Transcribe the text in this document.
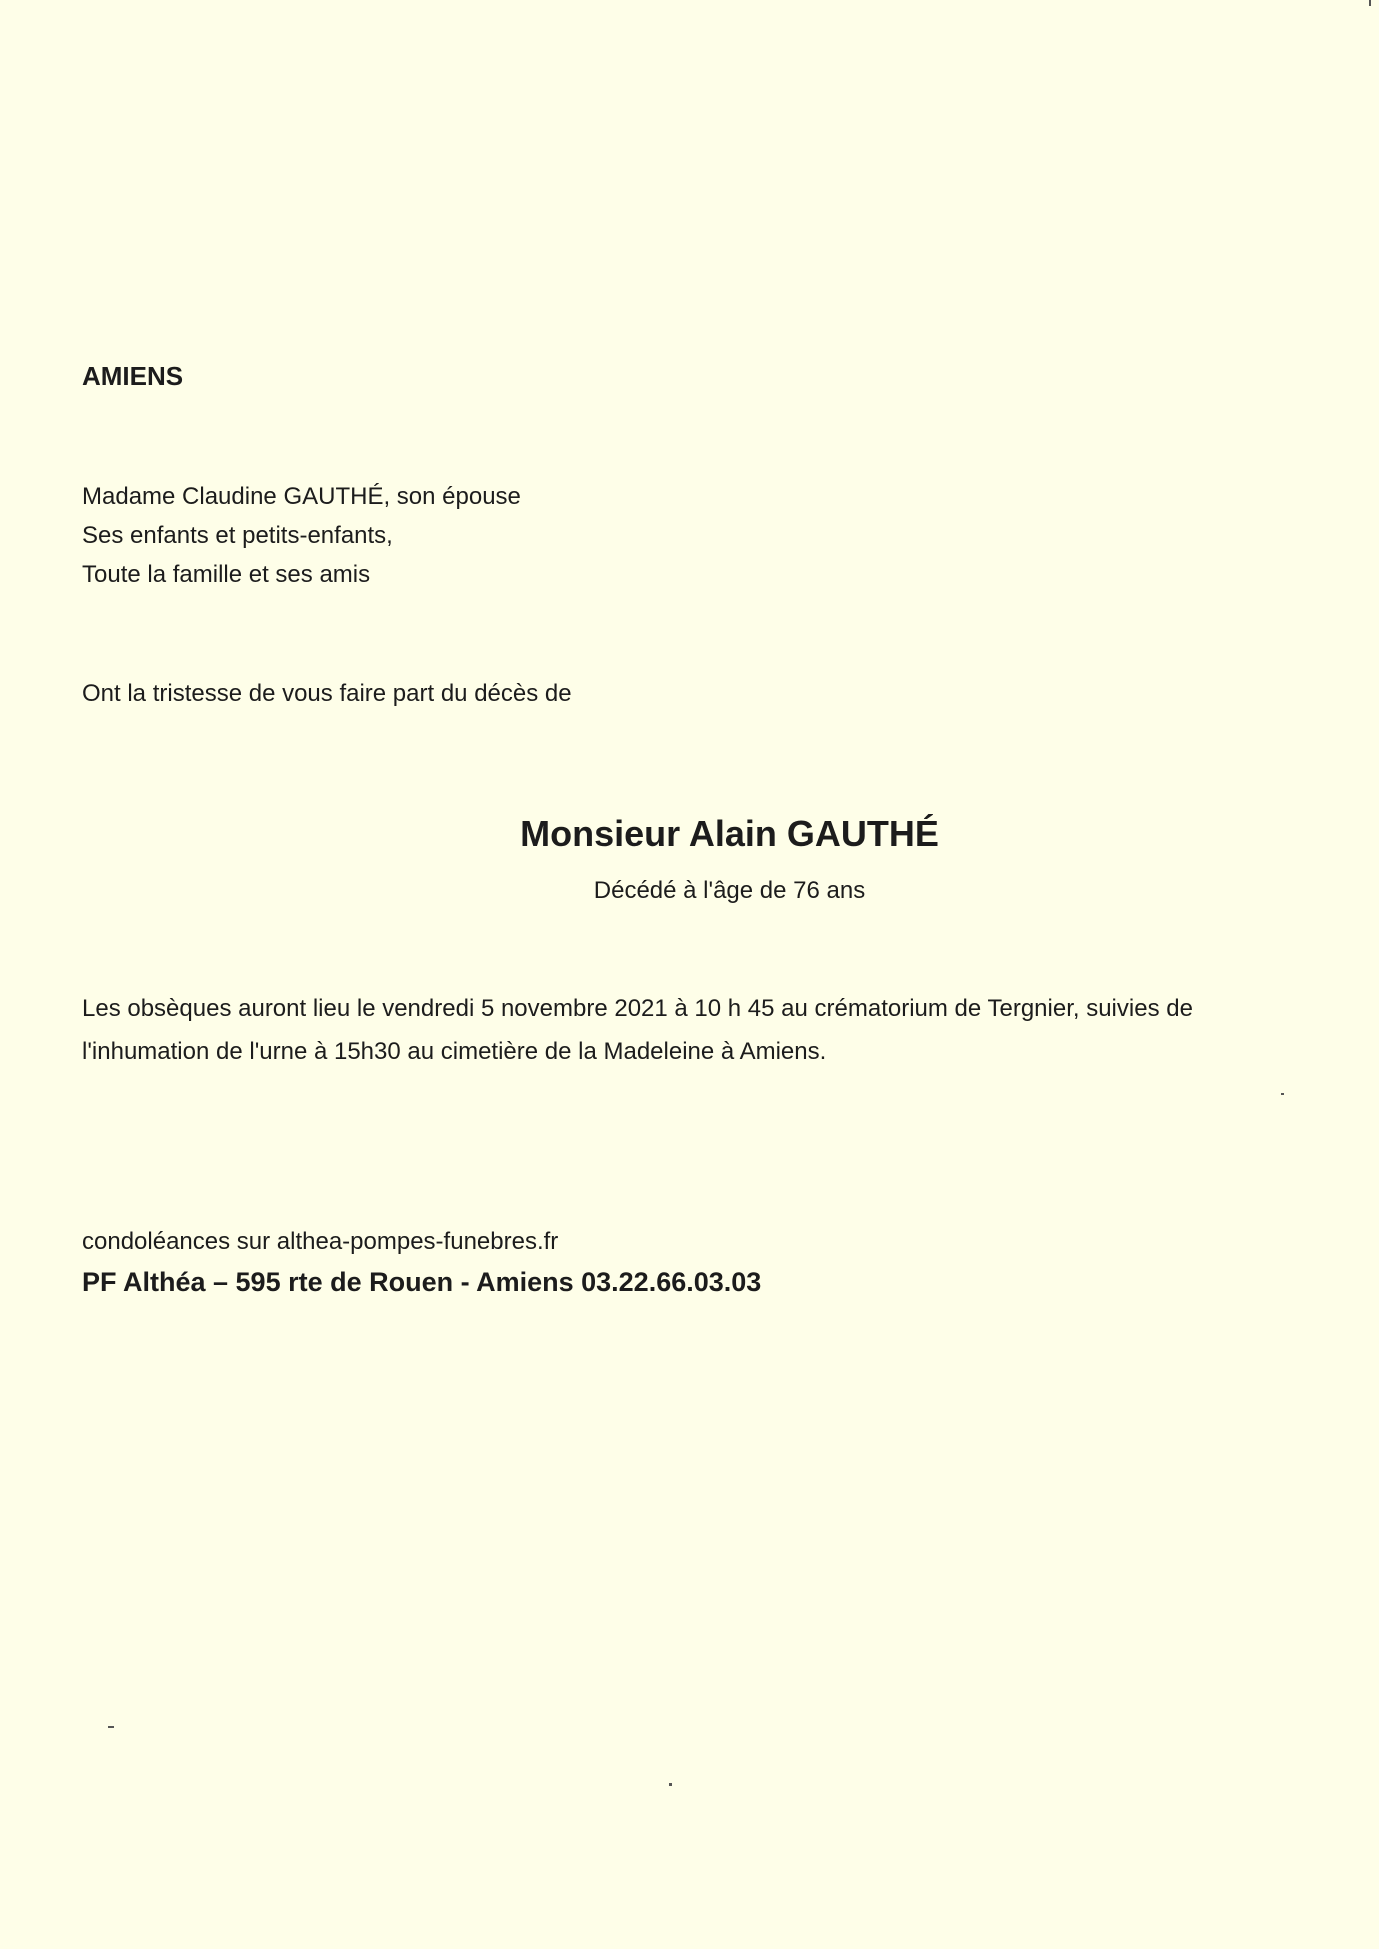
AMIENS
Madame Claudine GAUTHÉ, son épouse
Ses enfants et petits-enfants,
Toute la famille et ses amis
Ont la tristesse de vous faire part du décès de
Monsieur Alain GAUTHÉ
Décédé à l'âge de 76 ans
Les obsèques auront lieu le vendredi 5 novembre 2021 à 10 h 45 au crématorium de Tergnier, suivies de
l'inhumation de l'urne à 15h30 au cimetière de la Madeleine à Amiens.
condoléances sur althea-pompes-funebres.fr
PF Althéa – 595 rte de Rouen - Amiens 03.22.66.03.03
